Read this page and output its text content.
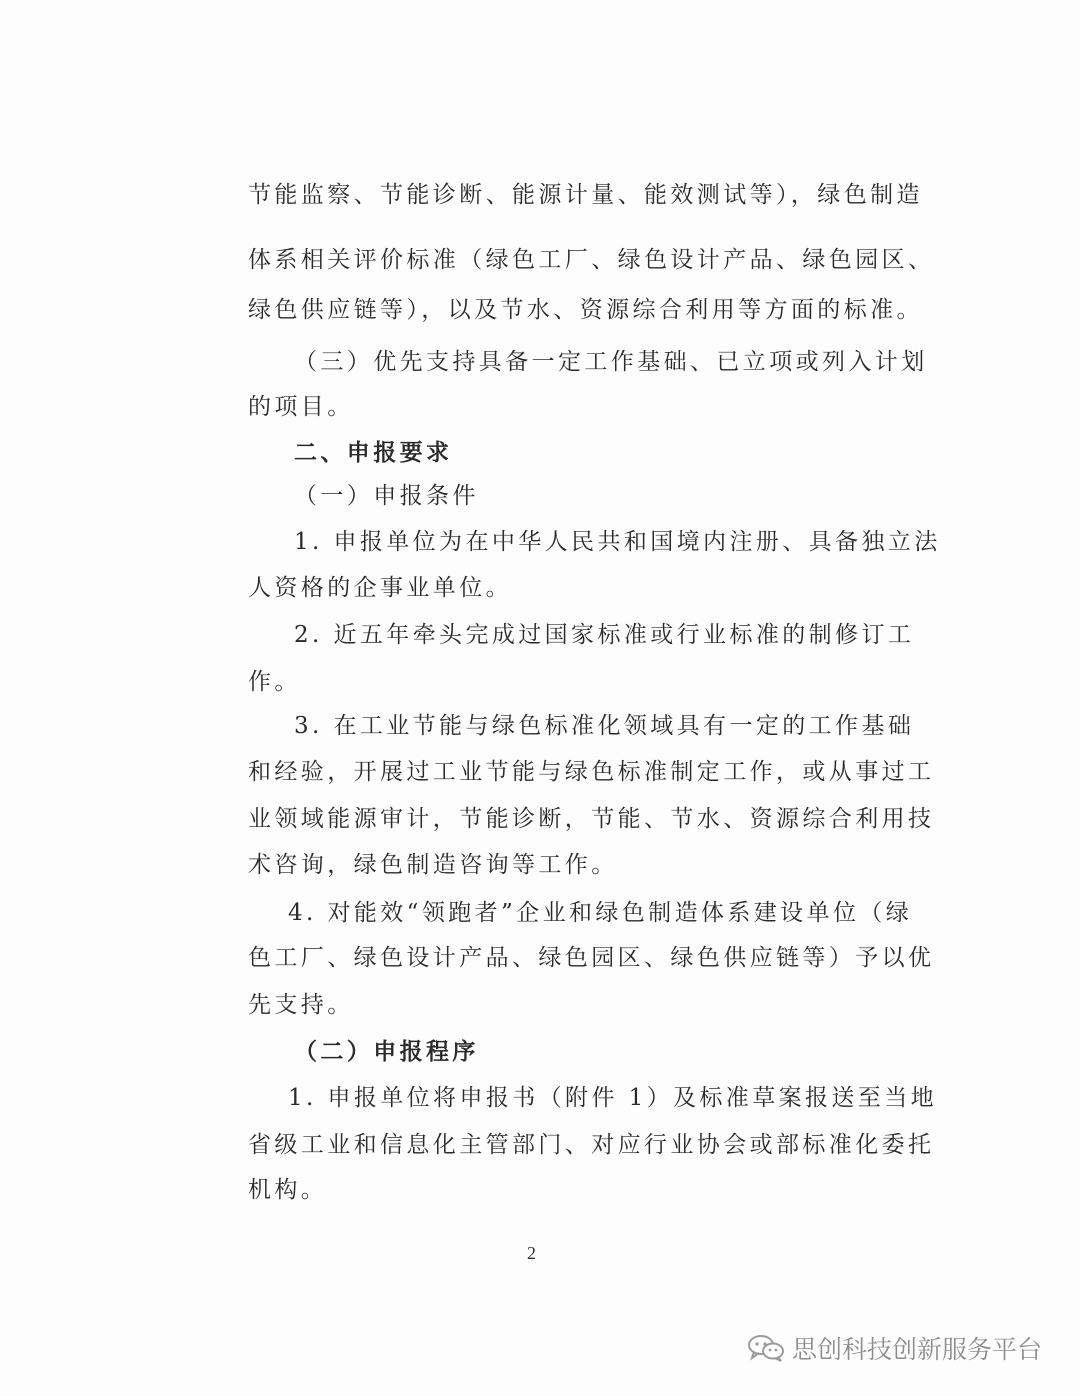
节能监察、节能诊断、能源计量、能效测试等），绿色制造
体系相关评价标准（绿色工厂、绿色设计产品、绿色园区、
绿色供应链等），以及节水、资源综合利用等方面的标准。
（三）优先支持具备一定工作基础、已立项或列入计划
的项目。
二、申报要求
（一）申报条件
1. 申报单位为在中华人民共和国境内注册、具备独立法
人资格的企事业单位。
2. 近五年牵头完成过国家标准或行业标准的制修订工
作。
3. 在工业节能与绿色标准化领域具有一定的工作基础
和经验，开展过工业节能与绿色标准制定工作，或从事过工
业领域能源审计，节能诊断，节能、节水、资源综合利用技
术咨询，绿色制造咨询等工作。
4. 对能效“领跑者”企业和绿色制造体系建设单位（绿
色工厂、绿色设计产品、绿色园区、绿色供应链等）予以优
先支持。
（二）申报程序
1. 申报单位将申报书（附件 1）及标准草案报送至当地
省级工业和信息化主管部门、对应行业协会或部标准化委托
机构。
2
思创科技创新服务平台
